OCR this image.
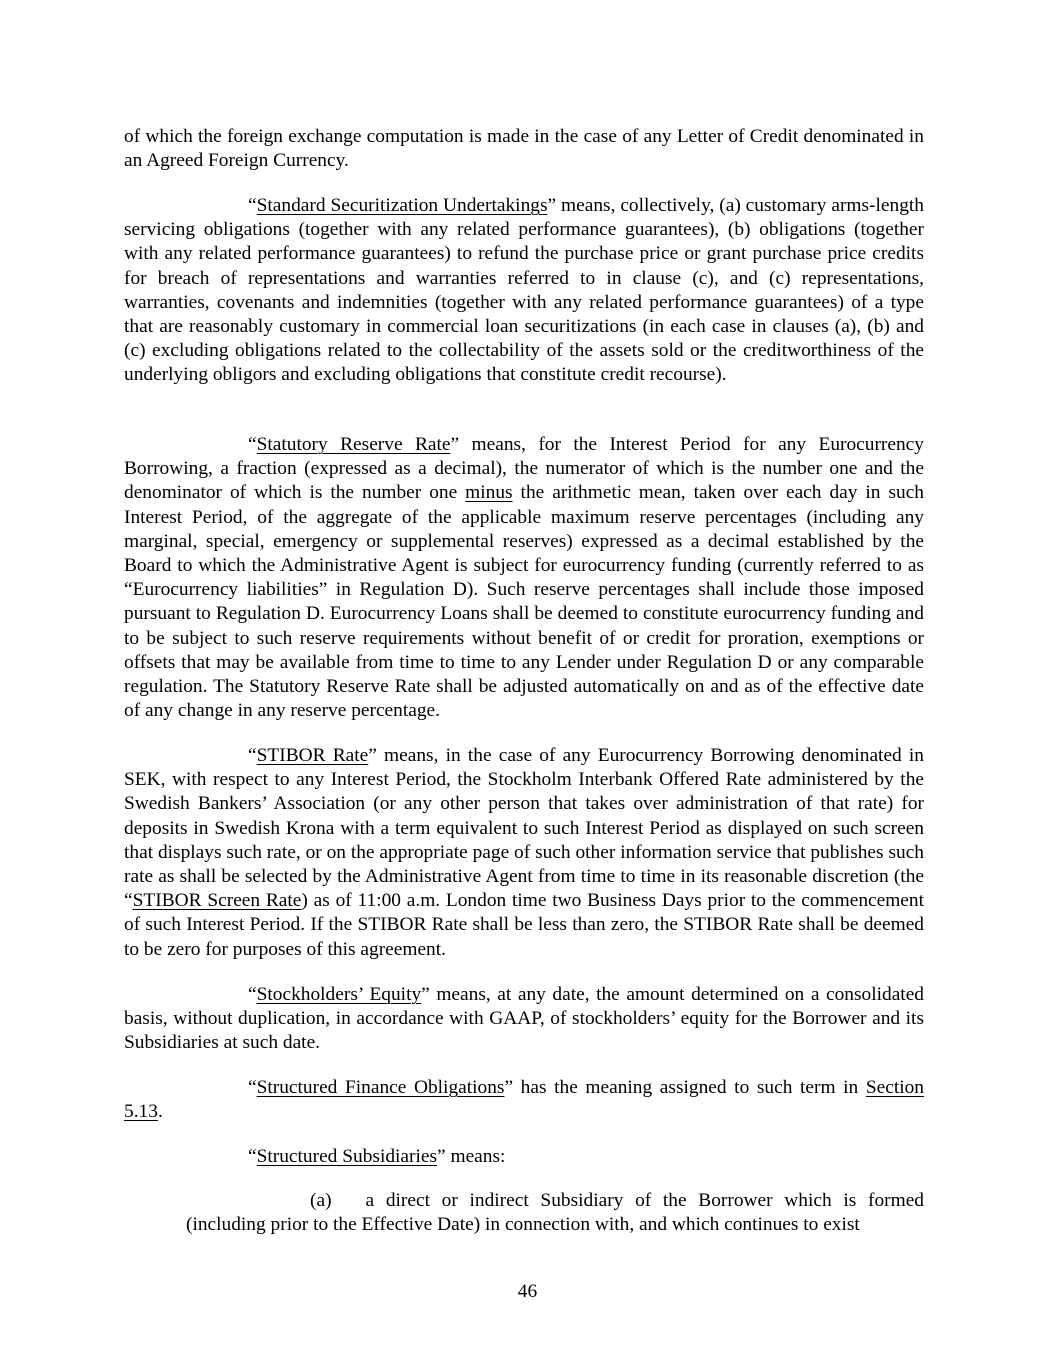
of which the foreign exchange computation is made in the case of any Letter of Credit denominated in an Agreed Foreign Currency.

“Standard Securitization Undertakings” means, collectively, (a) customary arms-length servicing obligations (together with any related performance guarantees), (b) obligations (together with any related performance guarantees) to refund the purchase price or grant purchase price credits for breach of representations and warranties referred to in clause (c), and (c) representations, warranties, covenants and indemnities (together with any related performance guarantees) of a type that are reasonably customary in commercial loan securitizations (in each case in clauses (a), (b) and (c) excluding obligations related to the collectability of the assets sold or the creditworthiness of the underlying obligors and excluding obligations that constitute credit recourse).

“Statutory Reserve Rate” means, for the Interest Period for any Eurocurrency Borrowing, a fraction (expressed as a decimal), the numerator of which is the number one and the denominator of which is the number one minus the arithmetic mean, taken over each day in such Interest Period, of the aggregate of the applicable maximum reserve percentages (including any marginal, special, emergency or supplemental reserves) expressed as a decimal established by the Board to which the Administrative Agent is subject for eurocurrency funding (currently referred to as “Eurocurrency liabilities” in Regulation D). Such reserve percentages shall include those imposed pursuant to Regulation D. Eurocurrency Loans shall be deemed to constitute eurocurrency funding and to be subject to such reserve requirements without benefit of or credit for proration, exemptions or offsets that may be available from time to time to any Lender under Regulation D or any comparable regulation. The Statutory Reserve Rate shall be adjusted automatically on and as of the effective date of any change in any reserve percentage.

“STIBOR Rate” means, in the case of any Eurocurrency Borrowing denominated in SEK, with respect to any Interest Period, the Stockholm Interbank Offered Rate administered by the Swedish Bankers’ Association (or any other person that takes over administration of that rate) for deposits in Swedish Krona with a term equivalent to such Interest Period as displayed on such screen that displays such rate, or on the appropriate page of such other information service that publishes such rate as shall be selected by the Administrative Agent from time to time in its reasonable discretion (the “STIBOR Screen Rate) as of 11:00 a.m. London time two Business Days prior to the commencement of such Interest Period. If the STIBOR Rate shall be less than zero, the STIBOR Rate shall be deemed to be zero for purposes of this agreement.

“Stockholders’ Equity” means, at any date, the amount determined on a consolidated basis, without duplication, in accordance with GAAP, of stockholders’ equity for the Borrower and its Subsidiaries at such date.

“Structured Finance Obligations” has the meaning assigned to such term in Section 5.13.

“Structured Subsidiaries” means:

(a) a direct or indirect Subsidiary of the Borrower which is formed (including prior to the Effective Date) in connection with, and which continues to exist

46
